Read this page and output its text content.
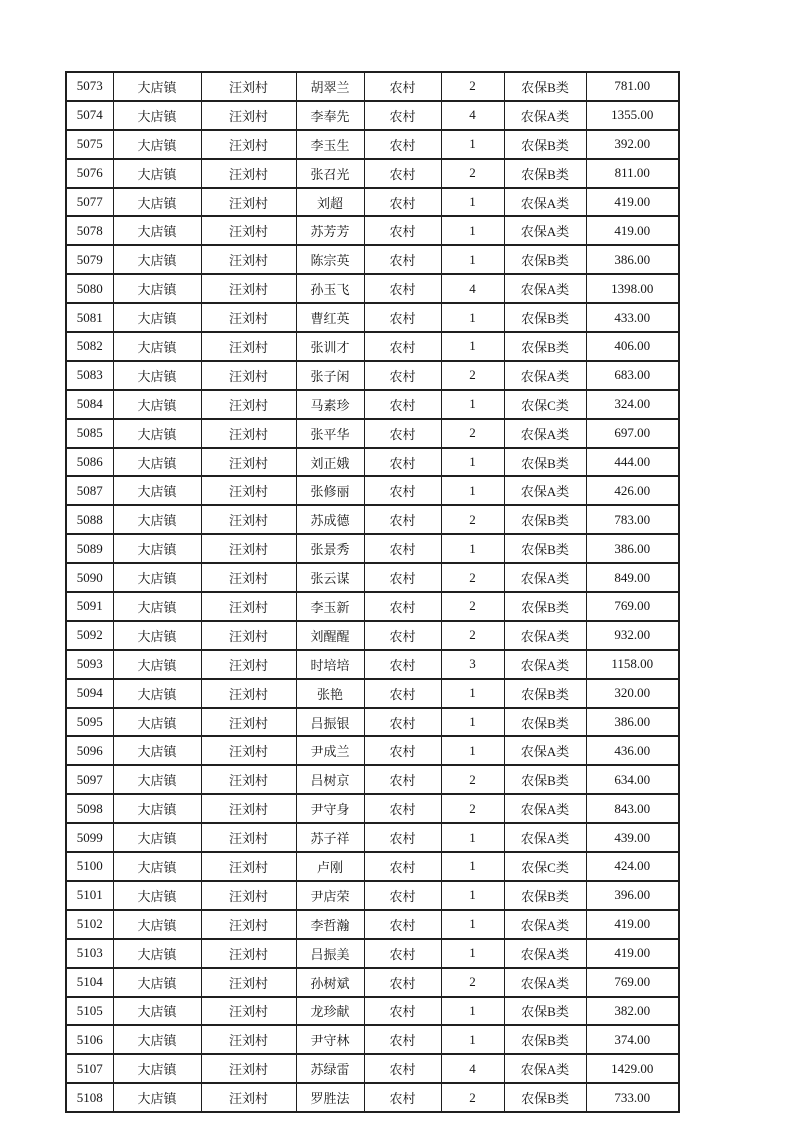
5073	大店镇	汪刘村	胡翠兰	农村	2	农保B类	781.00
5074	大店镇	汪刘村	李奉先	农村	4	农保A类	1355.00
5075	大店镇	汪刘村	李玉生	农村	1	农保B类	392.00
5076	大店镇	汪刘村	张召光	农村	2	农保B类	811.00
5077	大店镇	汪刘村	刘超	农村	1	农保A类	419.00
5078	大店镇	汪刘村	苏芳芳	农村	1	农保A类	419.00
5079	大店镇	汪刘村	陈宗英	农村	1	农保B类	386.00
5080	大店镇	汪刘村	孙玉飞	农村	4	农保A类	1398.00
5081	大店镇	汪刘村	曹红英	农村	1	农保B类	433.00
5082	大店镇	汪刘村	张训才	农村	1	农保B类	406.00
5083	大店镇	汪刘村	张子闲	农村	2	农保A类	683.00
5084	大店镇	汪刘村	马素珍	农村	1	农保C类	324.00
5085	大店镇	汪刘村	张平华	农村	2	农保A类	697.00
5086	大店镇	汪刘村	刘正娥	农村	1	农保B类	444.00
5087	大店镇	汪刘村	张修丽	农村	1	农保A类	426.00
5088	大店镇	汪刘村	苏成德	农村	2	农保B类	783.00
5089	大店镇	汪刘村	张景秀	农村	1	农保B类	386.00
5090	大店镇	汪刘村	张云谋	农村	2	农保A类	849.00
5091	大店镇	汪刘村	李玉新	农村	2	农保B类	769.00
5092	大店镇	汪刘村	刘醒醒	农村	2	农保A类	932.00
5093	大店镇	汪刘村	时培培	农村	3	农保A类	1158.00
5094	大店镇	汪刘村	张艳	农村	1	农保B类	320.00
5095	大店镇	汪刘村	吕振银	农村	1	农保B类	386.00
5096	大店镇	汪刘村	尹成兰	农村	1	农保A类	436.00
5097	大店镇	汪刘村	吕树京	农村	2	农保B类	634.00
5098	大店镇	汪刘村	尹守身	农村	2	农保A类	843.00
5099	大店镇	汪刘村	苏子祥	农村	1	农保A类	439.00
5100	大店镇	汪刘村	卢刚	农村	1	农保C类	424.00
5101	大店镇	汪刘村	尹店荣	农村	1	农保B类	396.00
5102	大店镇	汪刘村	李哲瀚	农村	1	农保A类	419.00
5103	大店镇	汪刘村	吕振美	农村	1	农保A类	419.00
5104	大店镇	汪刘村	孙树斌	农村	2	农保A类	769.00
5105	大店镇	汪刘村	龙珍献	农村	1	农保B类	382.00
5106	大店镇	汪刘村	尹守林	农村	1	农保B类	374.00
5107	大店镇	汪刘村	苏绿雷	农村	4	农保A类	1429.00
5108	大店镇	汪刘村	罗胜法	农村	2	农保B类	733.00
